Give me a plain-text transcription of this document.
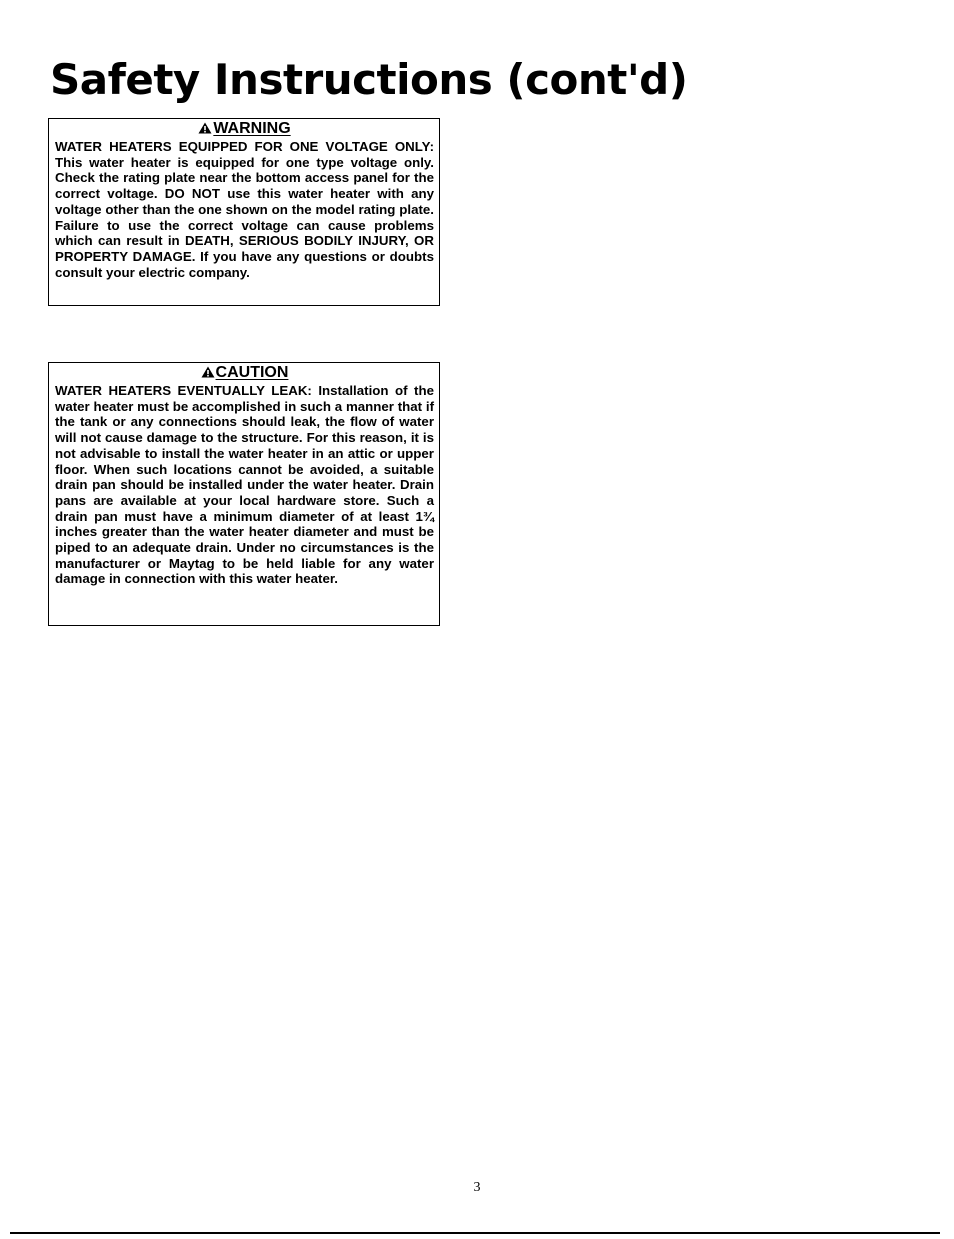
Safety Instructions (cont'd)
WARNING

WATER HEATERS EQUIPPED FOR ONE VOLTAGE ONLY: This water heater is equipped for one type voltage only. Check the rating plate near the bottom access panel for the correct voltage. DO NOT use this water heater with any voltage other than the one shown on the model rating plate. Failure to use the correct voltage can cause problems which can result in DEATH, SERIOUS BODILY INJURY, OR PROPERTY DAMAGE. If you have any questions or doubts consult your electric company.

CAUTION

WATER HEATERS EVENTUALLY LEAK: Installation of the water heater must be accomplished in such a manner that if the tank or any connections should leak, the flow of water will not cause damage to the structure. For this reason, it is not advisable to install the water heater in an attic or upper floor. When such locations cannot be avoided, a suitable drain pan should be installed under the water heater. Drain pans are available at your local hardware store. Such a drain pan must have a minimum diameter of at least 1¾ inches greater than the water heater diameter and must be piped to an adequate drain. Under no circumstances is the manufacturer or Maytag to be held liable for any water damage in connection with this water heater.

3
